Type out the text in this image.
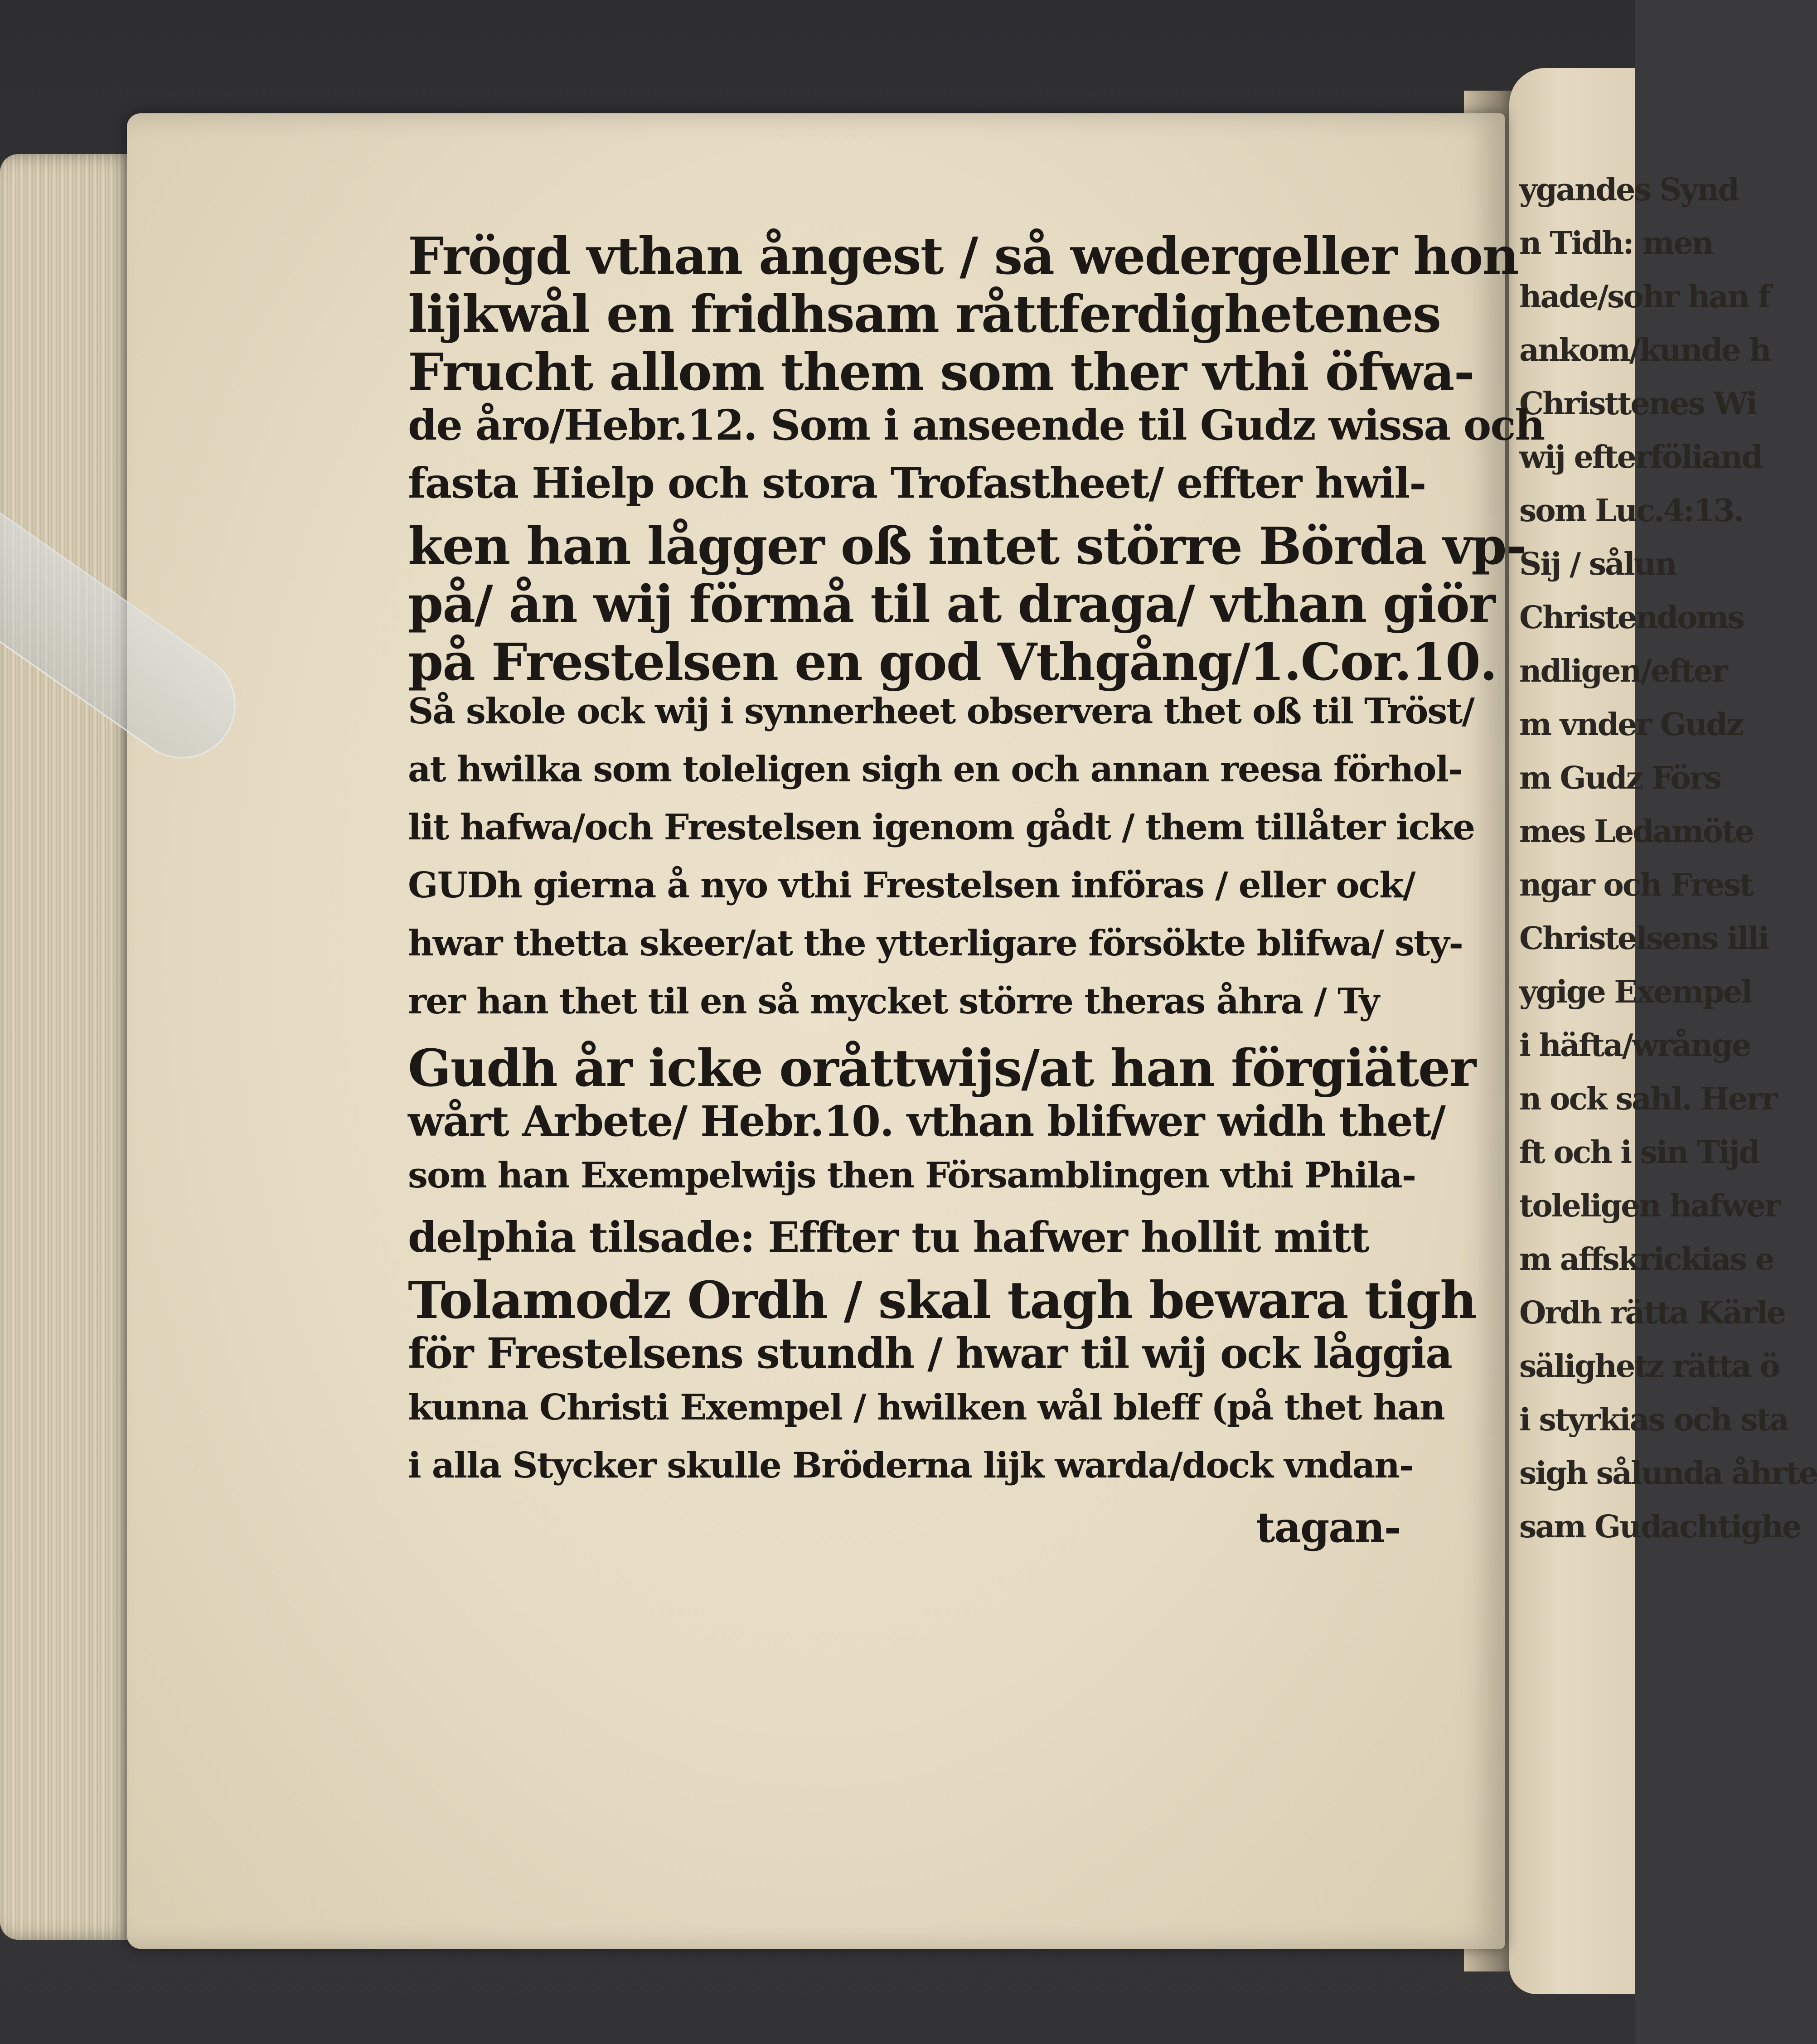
ygandes Synd
n Tidh: men
hade/sohr han f
ankom/kunde h
Christtenes Wi
wij efterföliand
som Luc.4:13.
Sij / sålun
Christendoms
ndligen/efter
m vnder Gudz
m Gudz Förs
mes Ledamöte
ngar och Frest
Christelsens illi
ygige Exempel
i häfta/wrånge
n ock sahl. Herr
ft och i sin Tijd
toleligen hafwer
m affskrickias e
Ordh rätta Kärle
sälighetz rätta ö
i styrkias och sta
sigh sålunda åhrte
sam Gudachtighe
Frögd vthan ångest / så wedergeller hon
lijkwål en fridhsam råttferdighetenes
Frucht allom them som ther vthi öfwa-
de åro/Hebr.12. Som i anseende til Gudz wissa och
fasta Hielp och stora Trofastheet/ effter hwil-
ken han lågger oß intet större Börda vp-
på/ ån wij förmå til at draga/ vthan giör
på Frestelsen en god Vthgång/1.Cor.10.
Så skole ock wij i synnerheet observera thet oß til Tröst/
at hwilka som toleligen sigh en och annan reesa förhol-
lit hafwa/och Frestelsen igenom gådt / them tillåter icke
GUDh gierna å nyo vthi Frestelsen införas / eller ock/
hwar thetta skeer/at the ytterligare försökte blifwa/ sty-
rer han thet til en så mycket större theras åhra / Ty
Gudh år icke oråttwijs/at han förgiäter
wårt Arbete/ Hebr.10. vthan blifwer widh thet/
som han Exempelwijs then Församblingen vthi Phila-
delphia tilsade: Effter tu hafwer hollit mitt
Tolamodz Ordh / skal tagh bewara tigh
för Frestelsens stundh / hwar til wij ock låggia
kunna Christi Exempel / hwilken wål bleff (på thet han
i alla Stycker skulle Bröderna lijk warda/dock vndan-
tagan-
